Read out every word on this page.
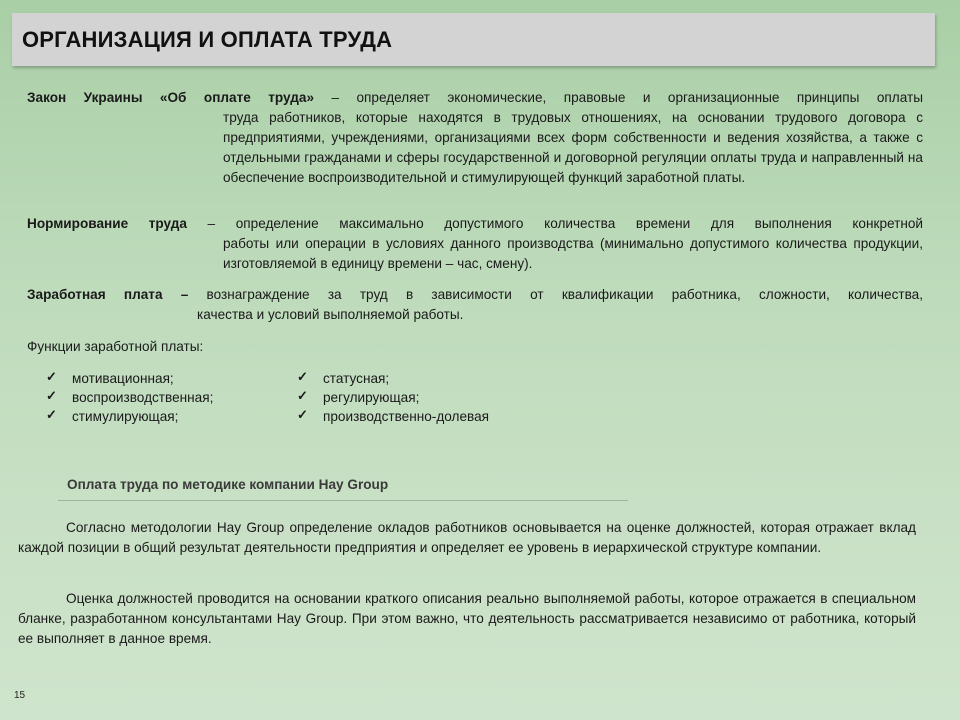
ОРГАНИЗАЦИЯ И ОПЛАТА ТРУДА
Закон Украины «Об оплате труда» – определяет экономические, правовые и организационные принципы оплаты
труда работников, которые находятся в трудовых отношениях, на основании трудового договора с предприятиями, учреждениями, организациями всех форм собственности и ведения хозяйства, а также с отдельными гражданами и сферы государственной и договорной регуляции оплаты труда и направленный на обеспечение воспроизводительной и стимулирующей функций заработной платы.
Нормирование труда – определение максимально допустимого количества времени для выполнения конкретной
работы или операции в условиях данного производства (минимально допустимого количества продукции, изготовляемой в единицу времени – час, смену).
Заработная плата – вознаграждение за труд в зависимости от квалификации работника, сложности, количества,
качества и условий выполняемой работы.
Функции заработной платы:
✓ мотивационная;
✓ воспроизводственная;
✓ стимулирующая;
✓ статусная;
✓ регулирующая;
✓ производственно-долевая
Оплата труда по методике компании Hay Group

Согласно методологии Hay Group определение окладов работников основывается на оценке должностей, которая отражает вклад каждой позиции в общий результат деятельности предприятия и определяет ее уровень в иерархической структуре компании.

Оценка должностей проводится на основании краткого описания реально выполняемой работы, которое отражается в специальном бланке, разработанном консультантами Hay Group. При этом важно, что деятельность рассматривается независимо от работника, который ее выполняет в данное время.

15
